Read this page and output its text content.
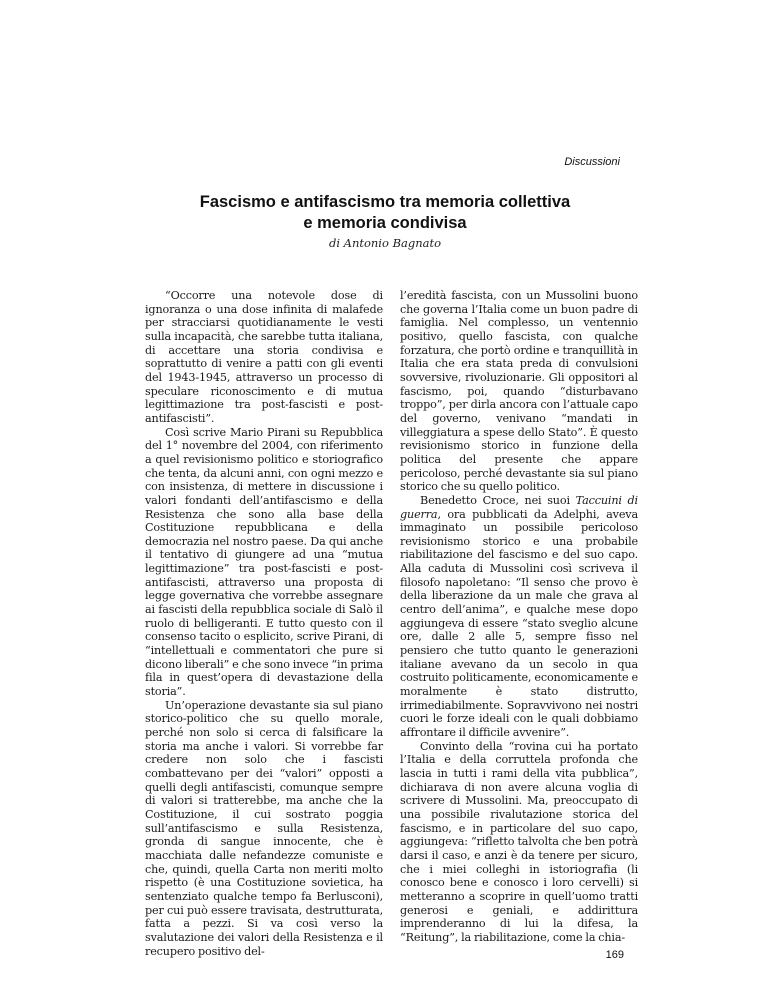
Discussioni
Fascismo e antifascismo tra memoria collettiva
e memoria condivisa
di Antonio Bagnato

“Occorre una notevole dose di ignoranza o una dose infinita di malafede per stracciarsi quotidianamente le vesti sulla incapacità, che sarebbe tutta italiana, di accettare una storia condivisa e soprattutto di venire a patti con gli eventi del 1943-1945, attraverso un processo di speculare riconoscimento e di mutua legittimazione tra post-fascisti e post-antifascisti”.

Così scrive Mario Pirani su Repubblica del 1° novembre del 2004, con riferimento a quel revisionismo politico e storiografico che tenta, da alcuni anni, con ogni mezzo e con insistenza, di mettere in discussione i valori fondanti dell’antifascismo e della Resistenza che sono alla base della Costituzione repubblicana e della democrazia nel nostro paese. Da qui anche il tentativo di giungere ad una “mutua legittimazione” tra post-fascisti e post-antifascisti, attraverso una proposta di legge governativa che vorrebbe assegnare ai fascisti della repubblica sociale di Salò il ruolo di belligeranti. E tutto questo con il consenso tacito o esplicito, scrive Pirani, di “intellettuali e commentatori che pure si dicono liberali” e che sono invece “in prima fila in quest’opera di devastazione della storia”.

Un’operazione devastante sia sul piano storico-politico che su quello morale, perché non solo si cerca di falsificare la storia ma anche i valori. Si vorrebbe far credere non solo che i fascisti combattevano per dei “valori” opposti a quelli degli antifascisti, comunque sempre di valori si tratterebbe, ma anche che la Costituzione, il cui sostrato poggia sull’antifascismo e sulla Resistenza, gronda di sangue innocente, che è macchiata dalle nefandezze comuniste e che, quindi, quella Carta non meriti molto rispetto (è una Costituzione sovietica, ha sentenziato qualche tempo fa Berlusconi), per cui può essere travisata, destrutturata, fatta a pezzi. Si va così verso la svalutazione dei valori della Resistenza e il recupero positivo del-

l’eredità fascista, con un Mussolini buono che governa l’Italia come un buon padre di famiglia. Nel complesso, un ventennio positivo, quello fascista, con qualche forzatura, che portò ordine e tranquillità in Italia che era stata preda di convulsioni sovversive, rivoluzionarie. Gli oppositori al fascismo, poi, quando “disturbavano troppo”, per dirla ancora con l’attuale capo del governo, venivano “mandati in villeggiatura a spese dello Stato”. È questo revisionismo storico in funzione della politica del presente che appare pericoloso, perché devastante sia sul piano storico che su quello politico.

Benedetto Croce, nei suoi Taccuini di guerra, ora pubblicati da Adelphi, aveva immaginato un possibile pericoloso revisionismo storico e una probabile riabilitazione del fascismo e del suo capo. Alla caduta di Mussolini così scriveva il filosofo napoletano: “Il senso che provo è della liberazione da un male che grava al centro dell’anima”, e qualche mese dopo aggiungeva di essere “stato sveglio alcune ore, dalle 2 alle 5, sempre fisso nel pensiero che tutto quanto le generazioni italiane avevano da un secolo in qua costruito politicamente, economicamente e moralmente è stato distrutto, irrimediabilmente. Sopravvivono nei nostri cuori le forze ideali con le quali dobbiamo affrontare il difficile avvenire”.

Convinto della “rovina cui ha portato l’Italia e della corruttela profonda che lascia in tutti i rami della vita pubblica”, dichiarava di non avere alcuna voglia di scrivere di Mussolini. Ma, preoccupato di una possibile rivalutazione storica del fascismo, e in particolare del suo capo, aggiungeva: “rifletto talvolta che ben potrà darsi il caso, e anzi è da tenere per sicuro, che i miei colleghi in istoriografia (li conosco bene e conosco i loro cervelli) si metteranno a scoprire in quell’uomo tratti generosi e geniali, e addirittura imprenderanno di lui la difesa, la “Reitung”, la riabilitazione, come la chia-

169
